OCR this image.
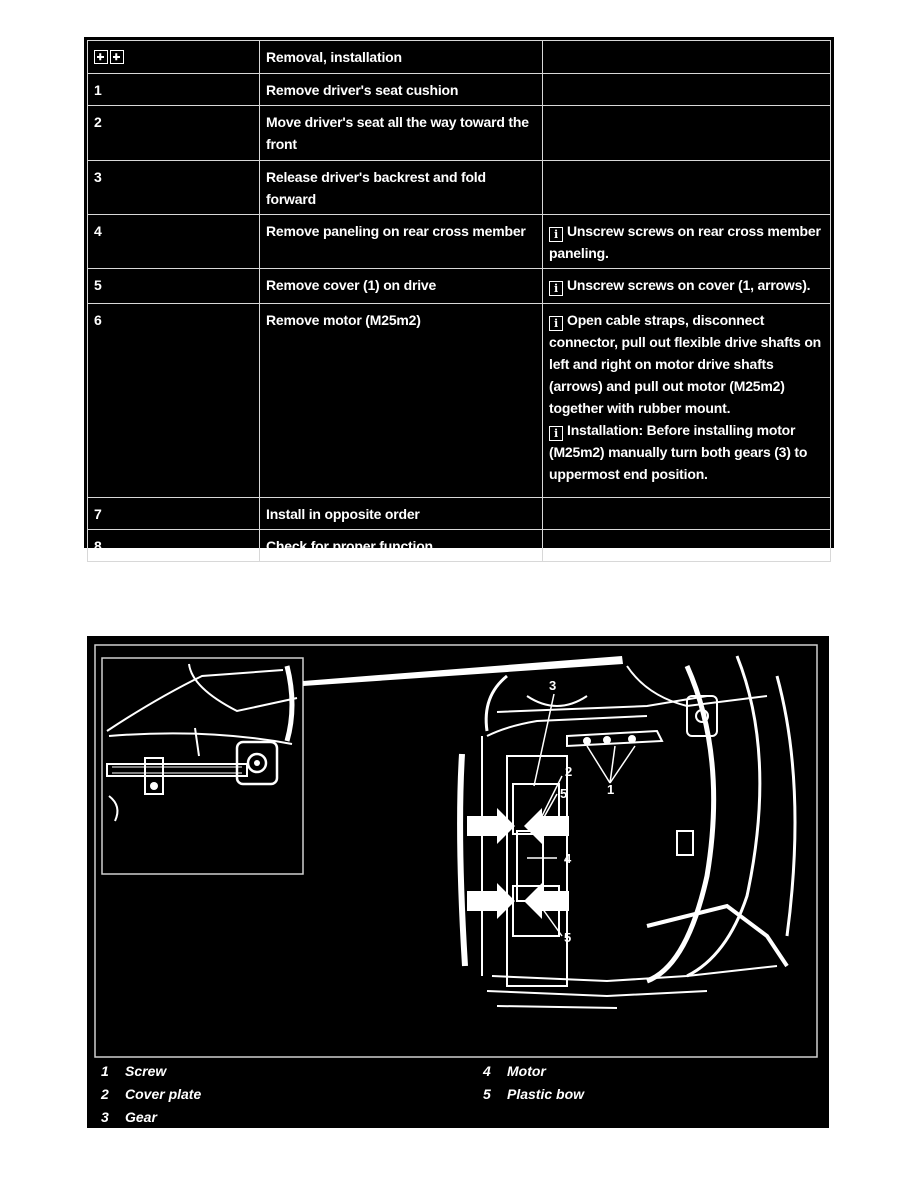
	Removal, installation	
1	Remove driver's seat cushion	
2	Move driver's seat all the way toward the front	
3	Release driver's backrest and fold forward	
4	Remove paneling on rear cross member	i Unscrew screws on rear cross member paneling.
5	Remove cover (1) on drive	i Unscrew screws on cover (1, arrows).
6	Remove motor (M25m2)	i Open cable straps, disconnect connector, pull out flexible drive shafts on left and right on motor drive shafts (arrows) and pull out motor (M25m2) together with rubber mount.
i Installation: Before installing motor (M25m2) manually turn both gears (3) to uppermost end position.
7	Install in opposite order	
8	Check for proper function	
3
2
5	1
4
5
1 Screw
2 Cover plate
3 Gear
4 Motor
5 Plastic bow
